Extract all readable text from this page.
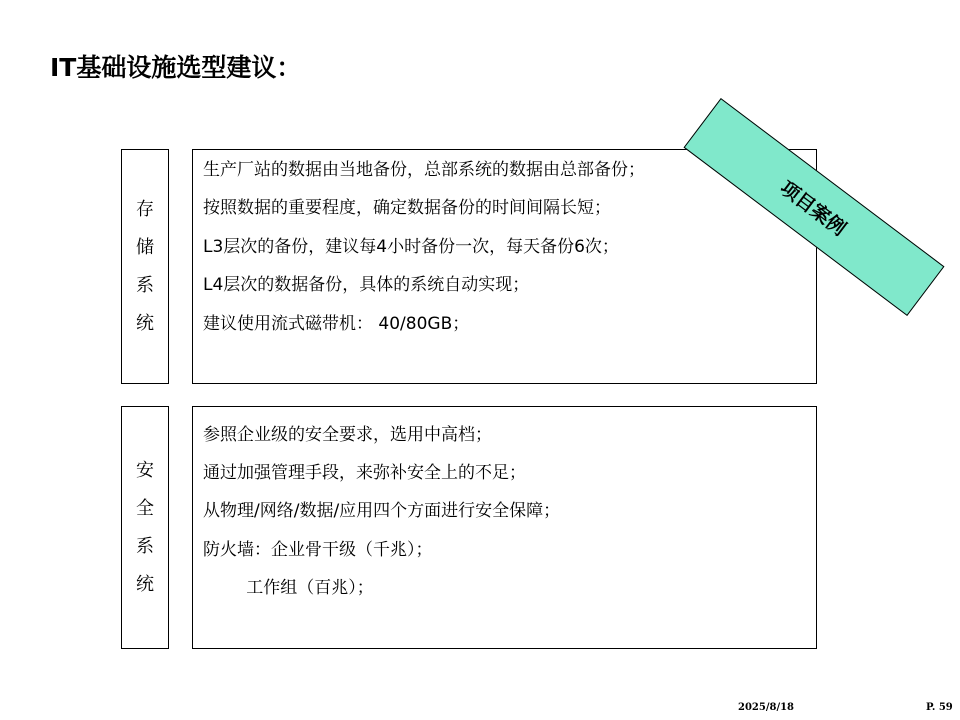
IT基础设施选型建议：
存
储
系
统
生产厂站的数据由当地备份，总部系统的数据由总部备份；
按照数据的重要程度，确定数据备份的时间间隔长短；
L3层次的备份，建议每4小时备份一次，每天备份6次；
L4层次的数据备份，具体的系统自动实现；
建议使用流式磁带机： 40/80GB；
安
全
系
统
参照企业级的安全要求，选用中高档；
通过加强管理手段，来弥补安全上的不足；
从物理/网络/数据/应用四个方面进行安全保障；
防火墙：企业骨干级（千兆）；
工作组（百兆）；
项目案例
2025/8/18	P. 59
